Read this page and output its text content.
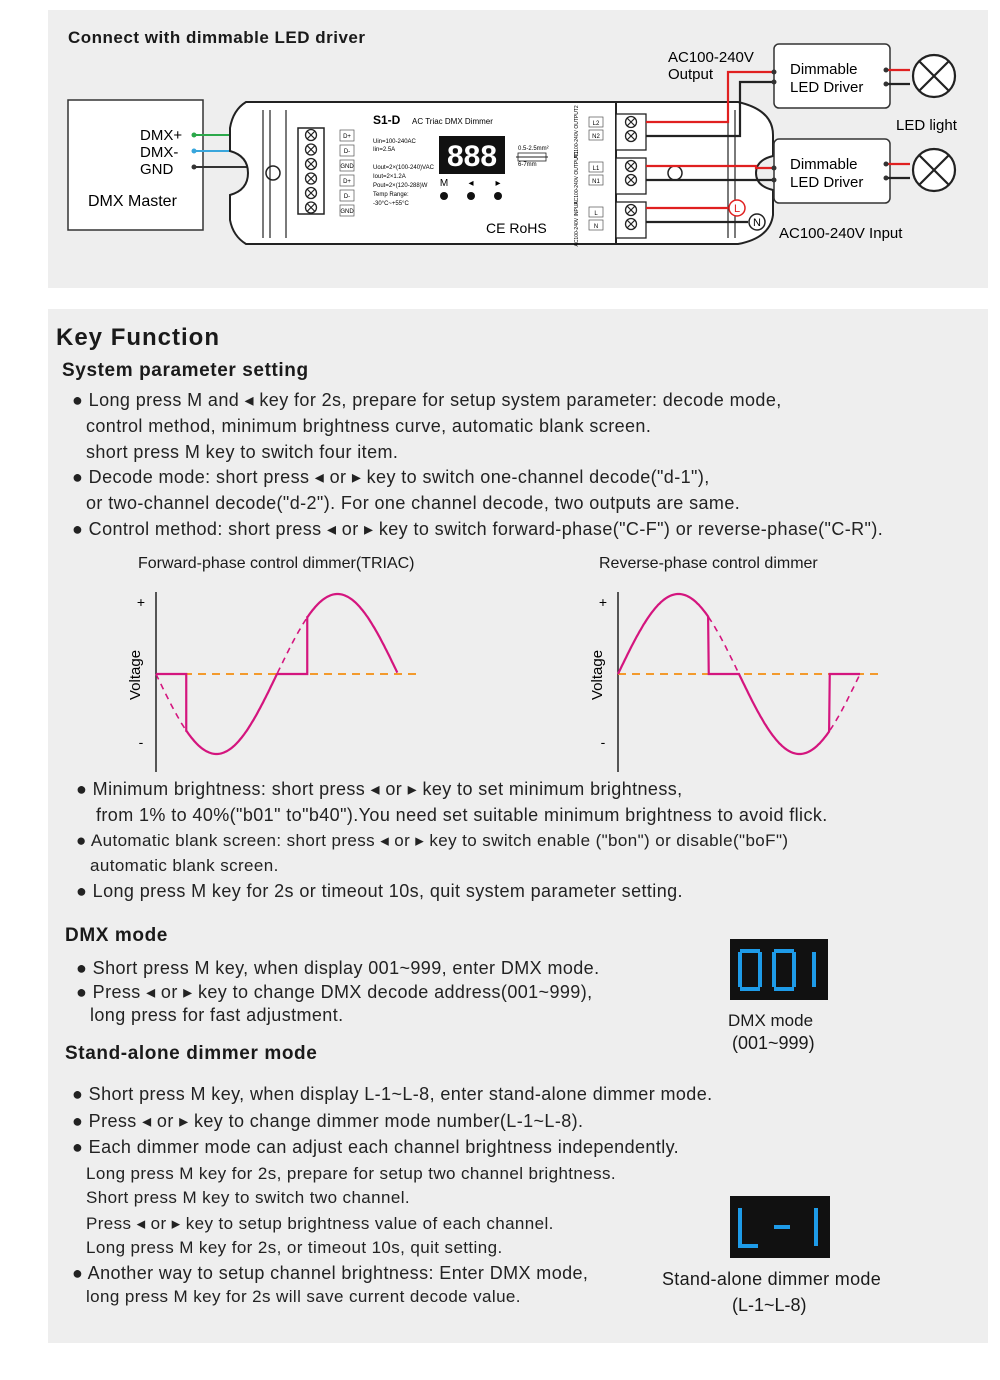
Connect with dimmable LED driver
DMX+
DMX-
GND
DMX Master
D+
D-
GND
D+
D-
GND
S1-D AC Triac DMX Dimmer
888
Uin=100-240AC
Iin=2.5A
Uout=2×(100-240)VAC
Iout=2×1.2A
Pout=2×(120-288)W
Temp Range:
-30°C~+55°C
M ◂ ▸
0.5-2.5mm²
6-7mm
CE RoHS
AC100-240V OUTPUT2
AC100-240V OUTPUT1
AC100-240V INPUT
L2
N2
L1
N1
L
N
AC100-240V
Output	Dimmable
LED Driver
Dimmable
LED Driver
LED light
L
N
AC100-240V Input
Key Function
System parameter setting
● Long press M and ◂ key for 2s, prepare for setup system parameter: decode mode,
control method, minimum brightness curve, automatic blank screen.
short press M key to switch four item.
● Decode mode: short press ◂ or ▸ key to switch one-channel decode("d-1"),
or two-channel decode("d-2"). For one channel decode, two outputs are same.
● Control method: short press ◂ or ▸ key to switch forward-phase("C-F") or reverse-phase("C-R").
Forward-phase control dimmer(TRIAC)
+
-
Voltage
Reverse-phase control dimmer
+
-
Voltage
● Minimum brightness: short press ◂ or ▸ key to set minimum brightness,
from 1% to 40%("b01" to"b40").You need set suitable minimum brightness to avoid flick.
● Automatic blank screen: short press ◂ or ▸ key to switch enable ("bon") or disable("boF")
automatic blank screen.
● Long press M key for 2s or timeout 10s, quit system parameter setting.
DMX mode
● Short press M key, when display 001~999, enter DMX mode.
● Press ◂ or ▸ key to change DMX decode address(001~999),
long press for fast adjustment.	DMX mode
(001~999)
Stand-alone dimmer mode
● Short press M key, when display L-1~L-8, enter stand-alone dimmer mode.
● Press ◂ or ▸ key to change dimmer mode number(L-1~L-8).
● Each dimmer mode can adjust each channel brightness independently.
Long press M key for 2s, prepare for setup two channel brightness.
Short press M key to switch two channel.
Press ◂ or ▸ key to setup brightness value of each channel.
Long press M key for 2s, or timeout 10s, quit setting.
● Another way to setup channel brightness: Enter DMX mode,
long press M key for 2s will save current decode value.
Stand-alone dimmer mode
(L-1~L-8)
